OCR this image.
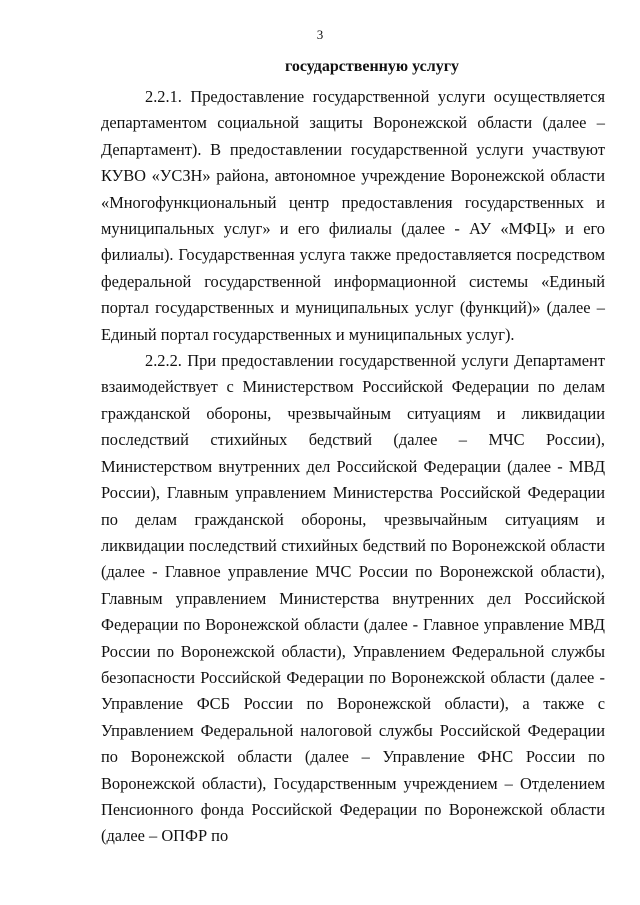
3
государственную услугу

2.2.1. Предоставление государственной услуги осуществляется департаментом социальной защиты Воронежской области (далее – Департамент). В предоставлении государственной услуги участвуют КУВО «УСЗН» района, автономное учреждение Воронежской области «Многофункциональный центр предоставления государственных и муниципальных услуг» и его филиалы (далее - АУ «МФЦ» и его филиалы). Государственная услуга также предоставляется посредством федеральной государственной информационной системы «Единый портал государственных и муниципальных услуг (функций)» (далее – Единый портал государственных и муниципальных услуг).

2.2.2. При предоставлении государственной услуги Департамент взаимодействует с Министерством Российской Федерации по делам гражданской обороны, чрезвычайным ситуациям и ликвидации последствий стихийных бедствий (далее – МЧС России), Министерством внутренних дел Российской Федерации (далее - МВД России), Главным управлением Министерства Российской Федерации по делам гражданской обороны, чрезвычайным ситуациям и ликвидации последствий стихийных бедствий по Воронежской области (далее - Главное управление МЧС России по Воронежской области), Главным управлением Министерства внутренних дел Российской Федерации по Воронежской области (далее - Главное управление МВД России по Воронежской области), Управлением Федеральной службы безопасности Российской Федерации по Воронежской области (далее - Управление ФСБ России по Воронежской области), а также с Управлением Федеральной налоговой службы Российской Федерации по Воронежской области (далее – Управление ФНС России по Воронежской области), Государственным учреждением – Отделением Пенсионного фонда Российской Федерации по Воронежской области (далее – ОПФР по
